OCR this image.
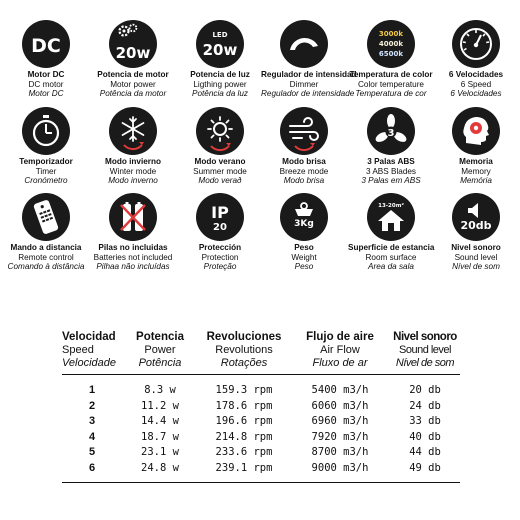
DC
Motor DC
DC motor
Motor DC
20w
Potencia de motor
Motor power
Potência da motor
LED
20w
Potencia de luz
Ligthing power
Potência da luz
Regulador de intensidad
Dimmer
Regulador de intensidade
3000k
4000k
6500k
Temperatura de color
Color temperature
Temperatura de cor
6 Velocidades
6 Speed
6 Velocidades
Temporizador
Timer
Cronómetro
Modo invierno
Winter mode
Modo inverno
Modo verano
Summer mode
Modo verað
Modo brisa
Breeze mode
Modo brisa
3
3 Palas ABS
3 ABS Blades
3 Palas em ABS
Memoria
Memory
Memória
Mando a distancia
Remote control
Comando à distância
Pilas no incluidas
Batteries not included
Pilhaa não incluídas
IP
20
Protección
Protection
Proteção
3Kg
Peso
Weight
Peso
13-20m²
Superficie de estancia
Room surface
Area da sala
20db
Nivel sonoro
Sound level
Nível de som
Velocidad	Potencia	Revoluciones	Flujo de aire	Nivel sonoro
Speed	Power	Revolutions	Air Flow	Sound level
Velocidade	Potência	Rotações	Fluxo de ar	Nível de som
1	8.3 w	159.3 rpm	5400 m3/h	20 db
2	11.2 w	178.6 rpm	6060 m3/h	24 db
3	14.4 w	196.6 rpm	6960 m3/h	33 db
4	18.7 w	214.8 rpm	7920 m3/h	40 db
5	23.1 w	233.6 rpm	8700 m3/h	44 db
6	24.8 w	239.1 rpm	9000 m3/h	49 db
